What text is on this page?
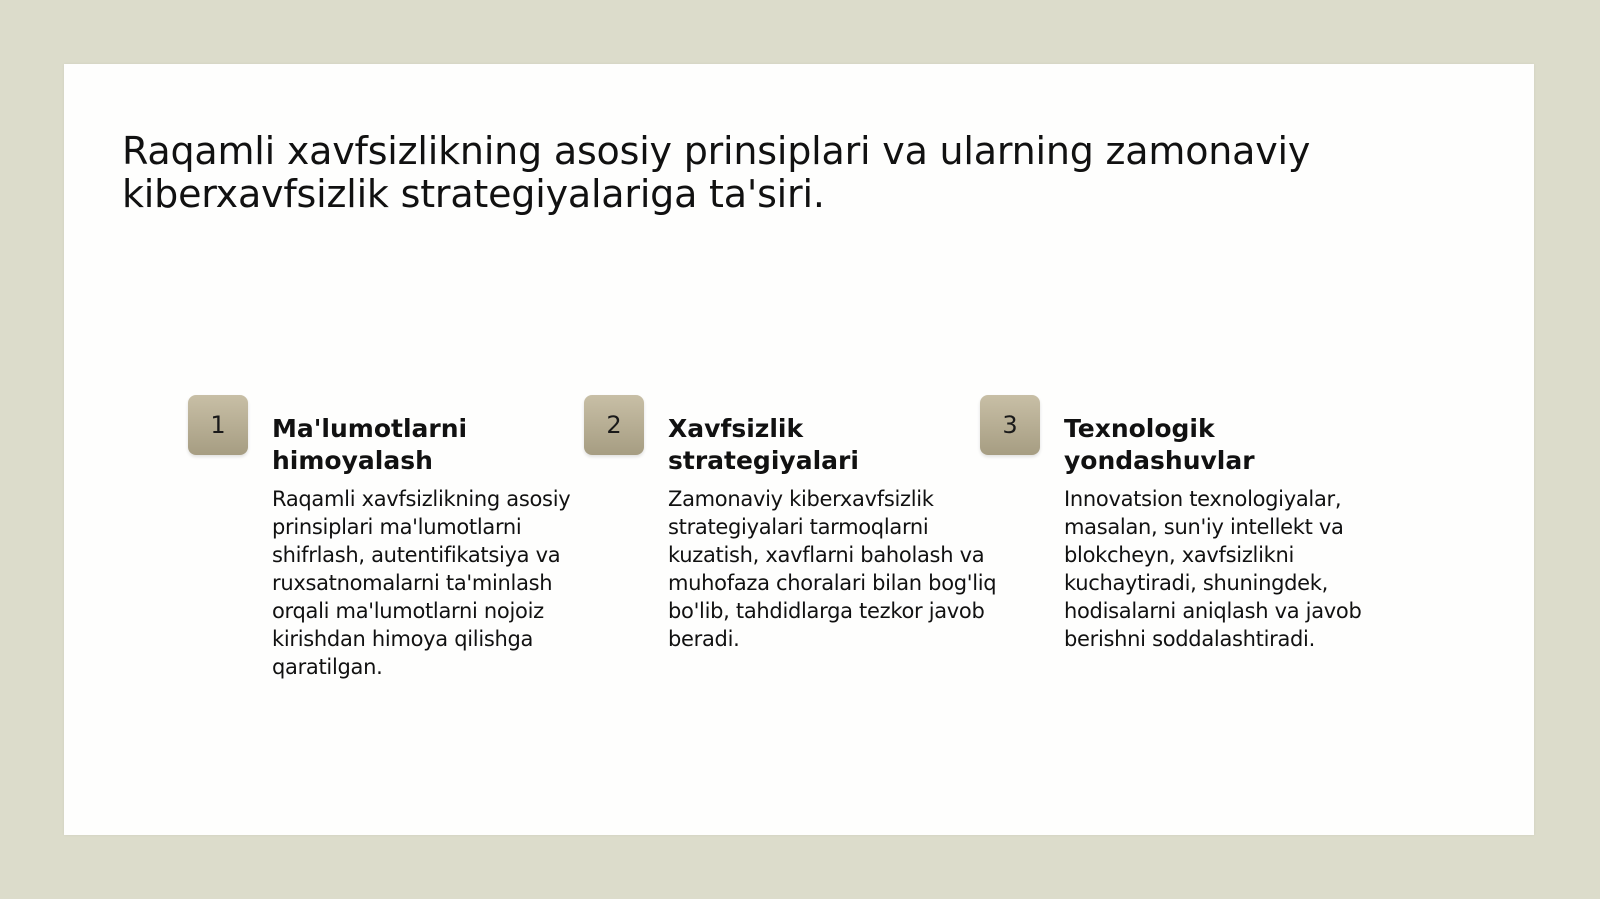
Raqamli xavfsizlikning asosiy prinsiplari va ularning zamonaviy kiberxavfsizlik strategiyalariga ta'siri.
1	Ma'lumotlarni himoyalash

Raqamli xavfsizlikning asosiy prinsiplari ma'lumotlarni shifrlash, autentifikatsiya va ruxsatnomalarni ta'minlash orqali ma'lumotlarni nojoiz kirishdan himoya qilishga qaratilgan.

2	Xavfsizlik strategiyalari

Zamonaviy kiberxavfsizlik strategiyalari tarmoqlarni kuzatish, xavflarni baholash va muhofaza choralari bilan bog'liq bo'lib, tahdidlarga tezkor javob beradi.

3	Texnologik yondashuvlar

Innovatsion texnologiyalar, masalan, sun'iy intellekt va blokcheyn, xavfsizlikni kuchaytiradi, shuningdek, hodisalarni aniqlash va javob berishni soddalashtiradi.
